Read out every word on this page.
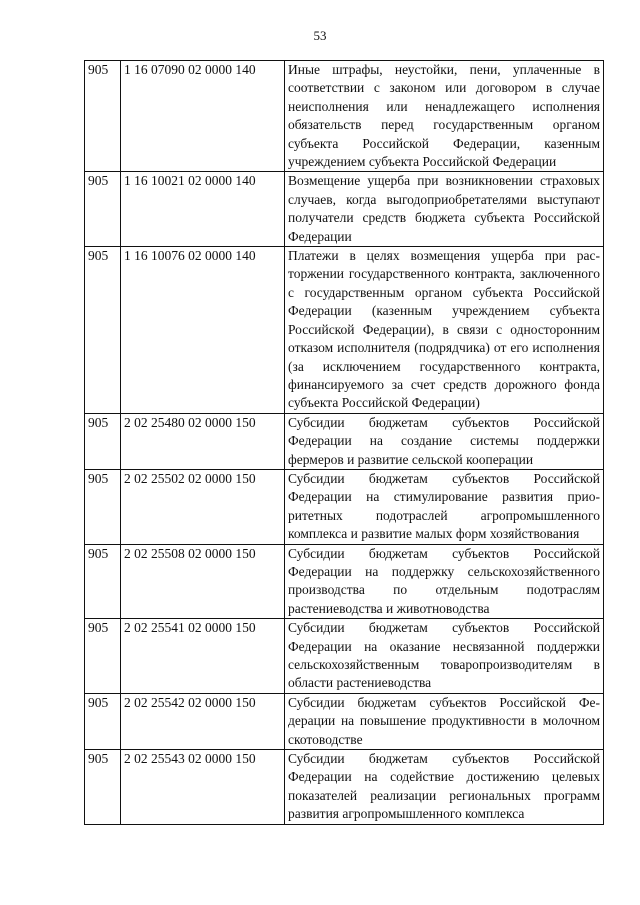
53
905	1 16 07090 02 0000 140	Иные штрафы, неустойки, пени, уплаченные в соответствии с законом или договором в случае неисполнения или ненадлежащего исполнения обязательств перед государственным органом субъекта Российской Федерации, казенным учреждением субъекта Российской Федерации
905	1 16 10021 02 0000 140	Возмещение ущерба при возникновении страховых случаев, когда выгодоприобретателями выступают получатели средств бюджета субъекта Российской Федерации
905	1 16 10076 02 0000 140	Платежи в целях возмещения ущерба при расторжении государственного контракта, заключенного с государственным органом субъекта Российской Федерации (казенным учреждением субъекта Российской Федерации), в связи с односторонним отказом исполнителя (подрядчика) от его исполнения (за исключением государственного контракта, финансируемого за счет средств дорожного фонда субъекта Российской Федерации)
905	2 02 25480 02 0000 150	Субсидии бюджетам субъектов Российской Федерации на создание системы поддержки фермеров и развитие сельской кооперации
905	2 02 25502 02 0000 150	Субсидии бюджетам субъектов Российской Федерации на стимулирование развития приоритетных подотраслей агропромышленного комплекса и развитие малых форм хозяйствования
905	2 02 25508 02 0000 150	Субсидии бюджетам субъектов Российской Федерации на поддержку сельскохозяйственного производства по отдельным подотраслям растениеводства и животноводства
905	2 02 25541 02 0000 150	Субсидии бюджетам субъектов Российской Федерации на оказание несвязанной поддержки сельскохозяйственным товаропроизводителям в области растениеводства
905	2 02 25542 02 0000 150	Субсидии бюджетам субъектов Российской Федерации на повышение продуктивности в молочном скотоводстве
905	2 02 25543 02 0000 150	Субсидии бюджетам субъектов Российской Федерации на содействие достижению целевых показателей реализации региональных программ развития агропромышленного комплекса
